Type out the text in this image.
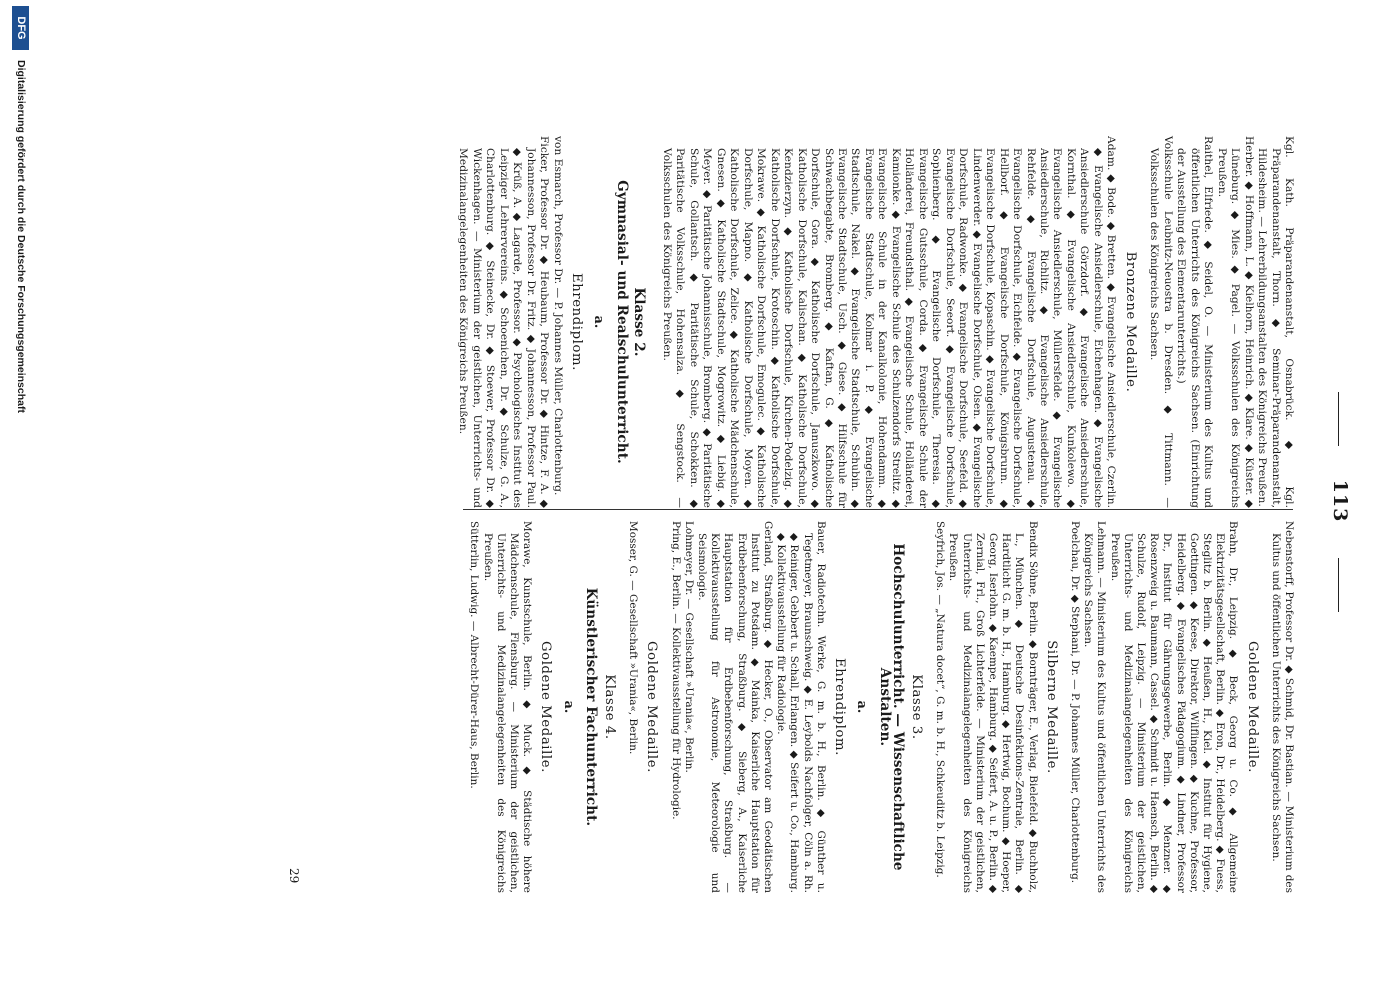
113

Kgl. Kath. Präparandenanstalt, Osnabrück. ◆ Kgl. Präparandenanstalt, Thorn. ◆ Seminar-Präparandenanstalt, Hildesheim. — Lehrerbildungsanstalten des Königreichs Preußen.

Herber. ◆ Hoffmann, L. ◆ Kielhorn, Heinrich. ◆ Klare. ◆ Küster. ◆ Lüneburg. ◆ Mies. ◆ Pagel. — Volksschulen des Königreichs Preußen.

Raithel, Elfriede. ◆ Seidel, O. — Ministerium des Kultus und öffentlichen Unterrichts des Königreichs Sachsen. (Einrichtung der Ausstellung des Elementarunterrichts.)

Volksschule Leubnitz-Neuostra b. Dresden. ◆ Tittmann. — Volksschulen des Königreichs Sachsen.

Bronzene Medaille.

Adam. ◆ Bode. ◆ Bretten. ◆ Evangelische Ansiedlerschule, Czerlin. ◆ Evangelische Ansiedlerschule, Eichenhagen. ◆ Evangelische Ansiedlerschule Görzdorf. ◆ Evangelische Ansiedlerschule, Kornthal. ◆ Evangelische Ansiedlerschule, Kunkolewo. ◆ Evangelische Ansiedlerschule, Müllersfelde. ◆ Evangelische Ansiedlerschule, Richlitz. ◆ Evangelische Ansiedlerschule, Rehfelde. ◆ Evangelische Dorfschule, Augustenau. ◆ Evangelische Dorfschule, Eichfelde. ◆ Evangelische Dorfschule, Hellborf. ◆ Evangelische Dorfschule, Königsbrunn. ◆ Evangelische Dorfschule, Kopaschin. ◆ Evangelische Dorfschule, Lindenwerder. ◆ Evangelische Dorfschule, Olsen. ◆ Evangelische Dorfschule, Radwonke. ◆ Evangelische Dorfschule, Seefeld. ◆ Evangelische Dorfschule, Seeort. ◆ Evangelische Dorfschule, Sophienberg. ◆ Evangelische Dorfschule, Theresia. ◆ Evangelische Gutsschule, Corda. ◆ Evangelische Schule der Holländerei, Freundsthal. ◆ Evangelische Schule, Holländerei, Kamionke. ◆ Evangelische Schule des Schulzendorfs Strelitz. ◆ Evangelische Schule in der Kanalkolonie, Hohendamm. ◆ Evangelische Stadtschule, Kolmar i. P. ◆ Evangelische Stadtschule, Nakel. ◆ Evangelische Stadtschule, Schubin. ◆ Evangelische Stadtschule, Usch. ◆ Giese. ◆ Hilfsschule für Schwachbegabte, Bromberg. ◆ Kaftan, G. ◆ Katholische Dorfschule, Gora. ◆ Katholische Dorfschule, Januszkowo. ◆ Katholische Dorfschule, Kalischan. ◆ Katholische Dorfschule, Kendzierzyn. ◆ Katholische Dorfschule, Kirchen-Podelzig. ◆ Katholische Dorfschule, Krotoschin. ◆ Katholische Dorfschule, Mokrawe. ◆ Katholische Dorfschule, Emogulec. ◆ Katholische Dorfschule, Mapno. ◆ Katholische Dorfschule, Moyen. ◆ Katholische Dorfschule, Zelice. ◆ Katholische Mädchenschule, Gnesen. ◆ Katholische Stadtschule, Mogrowitz. ◆ Liebig. ◆ Meyer. ◆ Paritätische Johannisschule, Bromberg. ◆ Paritätische Schule, Gollantsch. ◆ Paritätische Schule, Schokken. ◆ Paritätische Volksschule, Hohensalza. ◆ Sengstock. — Volksschulen des Königreichs Preußen.

Klasse 2.
Gymnasial- und Realschulunterricht.
a.
Ehrendiplom.

von Esmarch, Professor Dr. — P. Johannes Müller, Charlottenburg.

Ficker, Professor Dr. ◆ Heubaum, Professor Dr. ◆ Hintze, F. A. ◆ Johannesson, Professor Dr. Fritz. ◆ Johannesson, Professor Paul. ◆ Krüß, A. ◆ Lagarde, Professor. ◆ Psychologisches Institut des Leipziger Lehrervereins. ◆ Schoenichen, Dr. ◆ Schulze, G. A., Charlottenburg. ◆ Steinecke, Dr. ◆ Stoewer, Professor Dr. ◆ Wickenhagen. — Ministerium der geistlichen, Unterrichts- und Medizinalangelegenheiten des Königreichs Preußen.

Nebenstorff, Professor Dr. ◆ Schmid, Dr. Bastian. — Ministerium des Kultus und öffentlichen Unterrichts des Königreichs Sachsen.

Goldene Medaille.

Brahn, Dr., Leipzig. ◆ Beck, Georg u. Co. ◆ Allgemeine Elektrizitätsgesellschaft, Berlin. ◆ Eron, Dr., Heidelberg. ◆ Fuess, Steglitz b. Berlin. ◆ Heußen, H., Kiel. ◆ Institut für Hygiene, Goettingen. ◆ Keese, Direktor, Wilflingen. ◆ Kuchne, Professor, Heidelberg. ◆ Evangelisches Pädagogium. ◆ Lindner, Professor Dr., Institut für Gährungsgewerbe, Berlin. ◆ Menzner. ◆ Rosenzweig u. Baumann, Cassel. ◆ Schmidt u. Haensch, Berlin. ◆ Schulze, Rudolf, Leipzig. — Ministerium der geistlichen, Unterrichts- und Medizinalangelegenheiten des Königreichs Preußen.

Lehmann. — Ministerium des Kultus und öffentlichen Unterrichts des Königreichs Sachsen.

Poelchau, Dr. ◆ Stephani, Dr. — P. Johannes Müller, Charlottenburg.

Silberne Medaille.

Bendix Söhne, Berlin. ◆ Bornträger, E., Verlag, Bielefeld. ◆ Buchholz, L., München. ◆ Deutsche Desinfektions-Zentrale, Berlin. ◆ Hardtlicht G. m. b. H., Hamburg. ◆ Hertwig, Bochum. ◆ Hoeper, Georg, Iserlohn. ◆ Kaempe, Hamburg. ◆ Seifert, A. u. P., Berlin. ◆ Zernial, Frl., Groß Lichterfelde. — Ministerium der geistlichen, Unterrichts- und Medizinalangelegenheiten des Königreichs Preußen.

Seyfrich, Jos. — „Natura docet“, G. m. b. H., Schkeuditz b. Leipzig.

Klasse 3.
Hochschulunterricht. — Wissenschaftliche Anstalten.
a.
Ehrendiplom.

Bauer, Radiotechn. Werke, G. m. b. H., Berlin. ◆ Günther u. Tegetmeyer, Braunschweig. ◆ E. Leybolds Nachfolger, Cöln a. Rh. ◆ Reiniger, Gebbert u. Schall, Erlangen. ◆ Seifert u. Co., Hamburg. ◆ Kollektivausstellung für Radiologie.

Gerland, Straßburg. ◆ Hecker, O., Observator am Geodätischen Institut zu Potsdam. ◆ Mainka, Kaiserliche Hauptstation für Erdbebenforschung, Straßburg. ◆ Sieberg, A., Kaiserliche Hauptstation für Erdbebenforschung, Straßburg. — Kollektivausstellung für Astronomie, Meteorologie und Seismologie.

Lohmeyer, Dr. — Gesellschaft »Urania«, Berlin.

Pring, E., Berlin. — Kollektivausstellung für Hydrologie.

Goldene Medaille.

Mosser, G. — Gesellschaft »Urania«, Berlin.

Klasse 4.
Künstlerischer Fachunterricht.
a.
Goldene Medaille.

Morawe, Kunstschule, Berlin. ◆ Muck. ◆ Städtische höhere Mädchenschule, Flensburg. — Ministerium der geistlichen, Unterrichts- und Medizinalangelegenheiten des Königreichs Preußen.

Sütterlin, Ludwig. — Albrecht-Dürer-Haus, Berlin.

29
DFG
Digitalisierung gefördert durch die Deutsche Forschungsgemeinschaft
